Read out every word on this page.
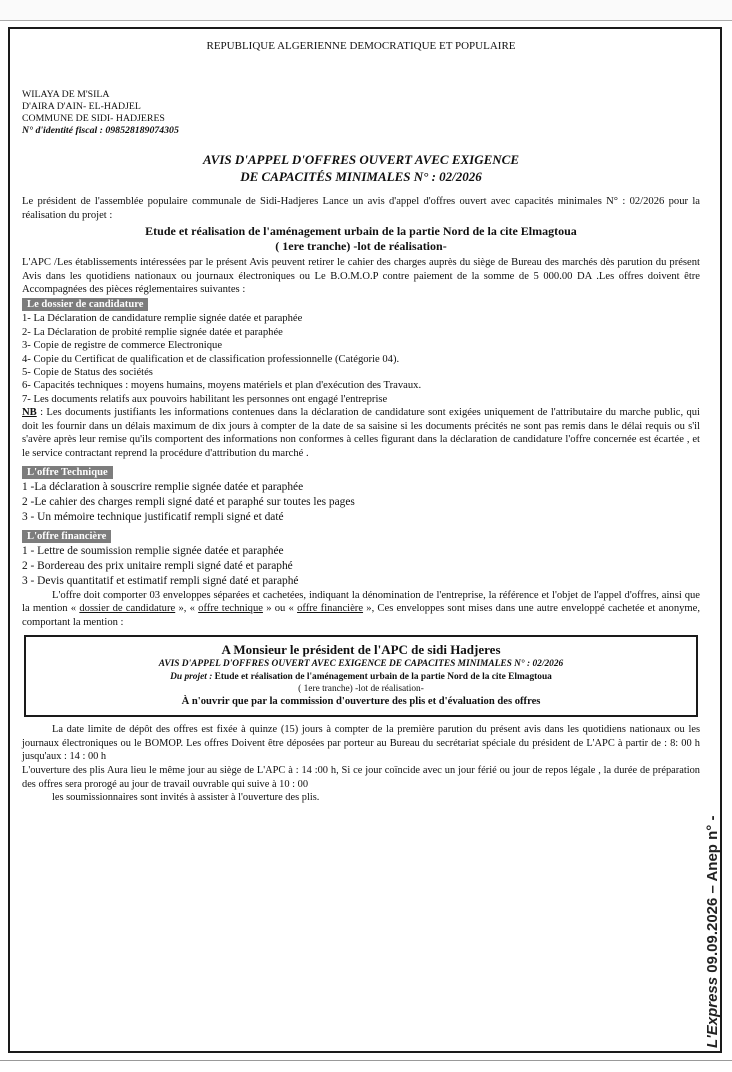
REPUBLIQUE ALGERIENNE DEMOCRATIQUE ET POPULAIRE
WILAYA DE M'SILA
D'AIRA D'AIN- EL-HADJEL
COMMUNE DE SIDI- HADJERES
N° d'identité fiscal : 098528189074305
AVIS D'APPEL D'OFFRES OUVERT AVEC EXIGENCE
DE CAPACITÉS MINIMALES N° : 02/2026

Le président de l'assemblée populaire communale de Sidi-Hadjeres Lance un avis d'appel d'offres ouvert avec capacités minimales N° : 02/2026 pour la réalisation du projet :

Etude et réalisation de l'aménagement urbain de la partie Nord de la cite Elmagtoua
( 1ere tranche) -lot de réalisation-

L'APC /Les établissements intéressées par le présent Avis peuvent retirer le cahier des charges auprès du siège de Bureau des marchés dès parution du présent Avis dans les quotidiens nationaux ou journaux électroniques ou Le B.O.M.O.P contre paiement de la somme de 5 000.00 DA .Les offres doivent être Accompagnées des pièces réglementaires suivantes :

Le dossier de candidature
1- La Déclaration de candidature remplie signée datée et paraphée
2- La Déclaration de probité remplie signée datée et paraphée
3- Copie de registre de commerce Electronique
4- Copie du Certificat de qualification et de classification professionnelle (Catégorie 04).
5- Copie de Status des sociétés
6- Capacités techniques : moyens humains, moyens matériels et plan d'exécution des Travaux.
7- Les documents relatifs aux pouvoirs habilitant les personnes ont engagé l'entreprise

NB : Les documents justifiants les informations contenues dans la déclaration de candidature sont exigées uniquement de l'attributaire du marche public, qui doit les fournir dans un délais maximum de dix jours à compter de la date de sa saisine si les documents précités ne sont pas remis dans le délai requis ou s'il s'avère après leur remise qu'ils comportent des informations non conformes à celles figurant dans la déclaration de candidature l'offre concernée est écartée , et le service contractant reprend la procédure d'attribution du marché .

L'offre Technique
1 -La déclaration à souscrire remplie signée datée et paraphée
2 -Le cahier des charges rempli signé daté et paraphé sur toutes les pages
3 - Un mémoire technique justificatif rempli signé et daté
L'offre financière
1 - Lettre de soumission remplie signée datée et paraphée
2 - Bordereau des prix unitaire rempli signé daté et paraphé
3 - Devis quantitatif et estimatif rempli signé daté et paraphé

L'offre doit comporter 03 enveloppes séparées et cachetées, indiquant la dénomination de l'entreprise, la référence et l'objet de l'appel d'offres, ainsi que la mention « dossier de candidature », « offre technique » ou « offre financière », Ces enveloppes sont mises dans une autre enveloppé cachetée et anonyme, comportant la mention :

A Monsieur le président de l'APC de sidi Hadjeres
AVIS D'APPEL D'OFFRES OUVERT AVEC EXIGENCE DE CAPACITES MINIMALES N° : 02/2026
Du projet : Etude et réalisation de l'aménagement urbain de la partie Nord de la cite Elmagtoua
( 1ere tranche) -lot de réalisation-
À n'ouvrir que par la commission d'ouverture des plis et d'évaluation des offres

La date limite de dépôt des offres est fixée à quinze (15) jours à compter de la première parution du présent avis dans les quotidiens nationaux ou les journaux électroniques ou le BOMOP. Les offres Doivent être déposées par porteur au Bureau du secrétariat spéciale du président de L'APC à partir de : 8: 00 h jusqu'aux : 14 : 00 h

L'ouverture des plis Aura lieu le même jour au siège de L'APC à : 14 :00 h, Si ce jour coïncide avec un jour férié ou jour de repos légale , la durée de préparation des offres sera prorogé au jour de travail ouvrable qui suive à 10 : 00

les soumissionnaires sont invités à assister à l'ouverture des plis.

L'Express 09.09.2026 – Anep n° -
